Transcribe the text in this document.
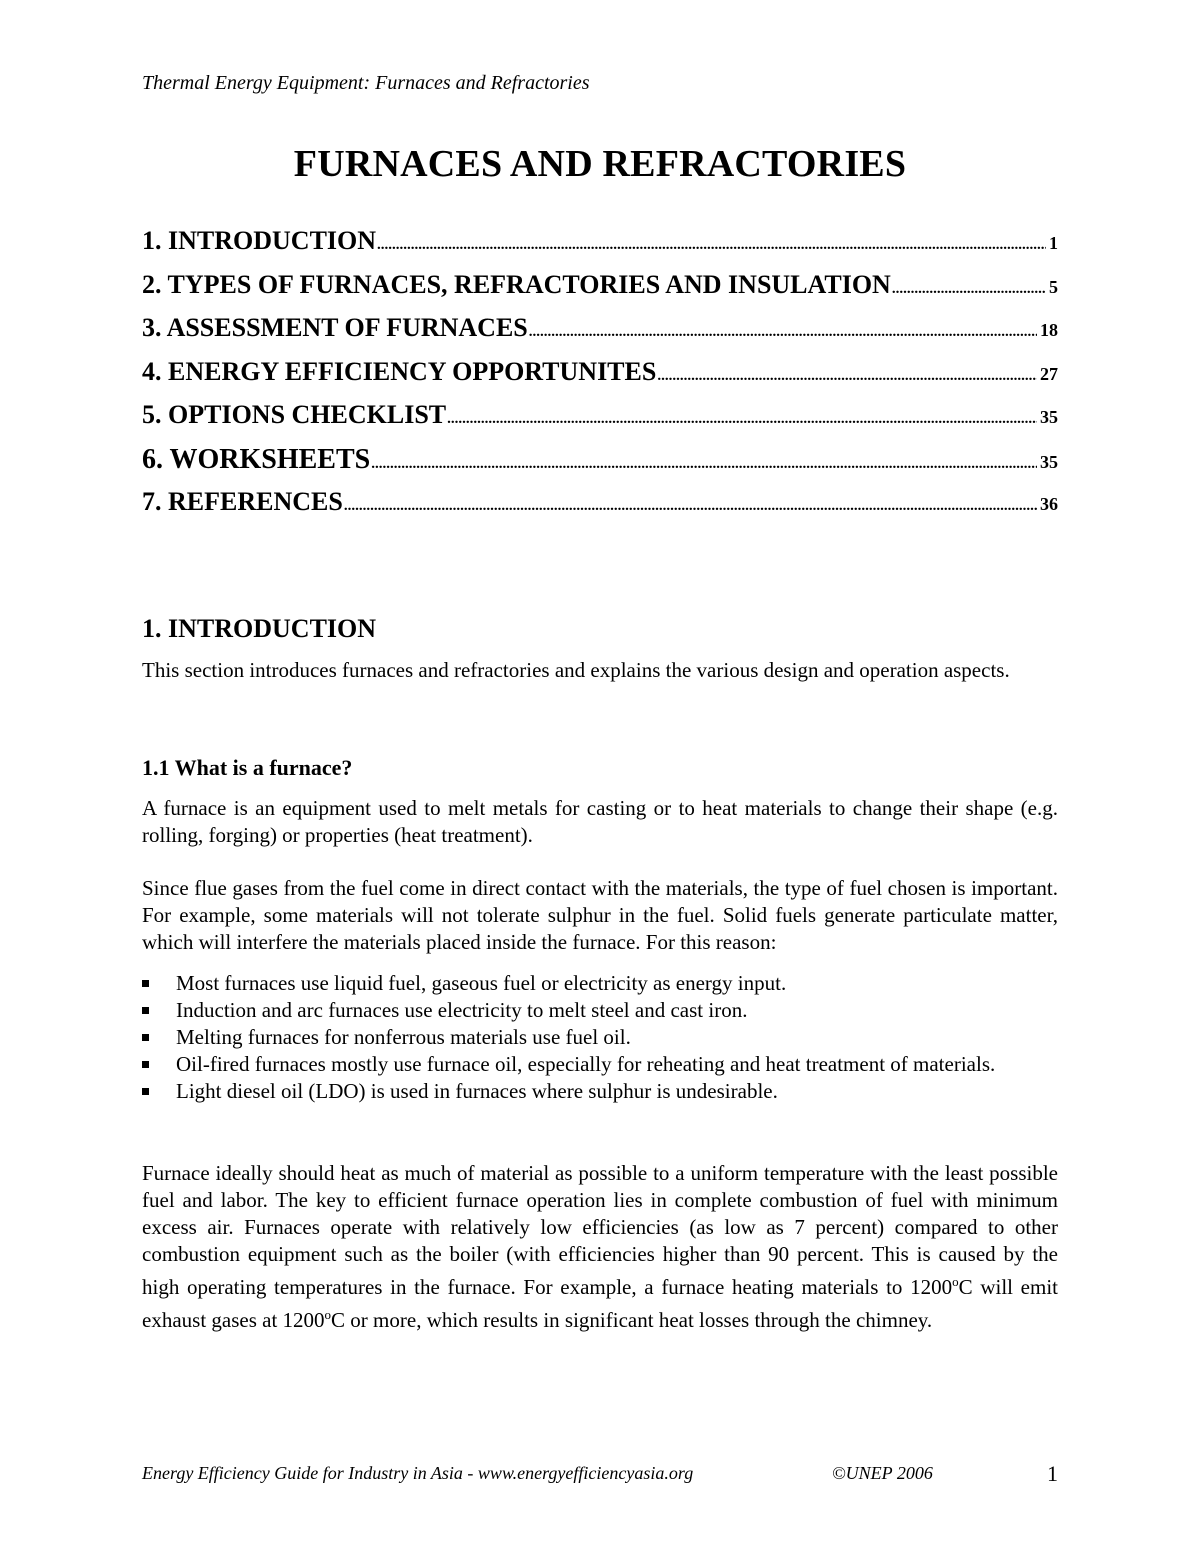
Thermal Energy Equipment: Furnaces and Refractories
FURNACES AND REFRACTORIES
1. INTRODUCTION .....	1
2. TYPES OF FURNACES, REFRACTORIES AND INSULATION .....	5
3. ASSESSMENT OF FURNACES .....	18
4. ENERGY EFFICIENCY OPPORTUNITES .....	27
5. OPTIONS CHECKLIST .....	35
6. WORKSHEETS .....	35
7. REFERENCES .....	36
1. INTRODUCTION

This section introduces furnaces and refractories and explains the various design and operation aspects.

1.1 What is a furnace?

A furnace is an equipment used to melt metals for casting or to heat materials to change their shape (e.g. rolling, forging) or properties (heat treatment).

Since flue gases from the fuel come in direct contact with the materials, the type of fuel chosen is important. For example, some materials will not tolerate sulphur in the fuel. Solid fuels generate particulate matter, which will interfere the materials placed inside the furnace. For this reason:

Most furnaces use liquid fuel, gaseous fuel or electricity as energy input.
Induction and arc furnaces use electricity to melt steel and cast iron.
Melting furnaces for nonferrous materials use fuel oil.
Oil-fired furnaces mostly use furnace oil, especially for reheating and heat treatment of materials.
Light diesel oil (LDO) is used in furnaces where sulphur is undesirable.

Furnace ideally should heat as much of material as possible to a uniform temperature with the least possible fuel and labor. The key to efficient furnace operation lies in complete combustion of fuel with minimum excess air. Furnaces operate with relatively low efficiencies (as low as 7 percent) compared to other combustion equipment such as the boiler (with efficiencies higher than 90 percent. This is caused by the high operating temperatures in the furnace. For example, a furnace heating materials to 1200$^o$C will emit exhaust gases at 1200$^o$C or more, which results in significant heat losses through the chimney.

Energy Efficiency Guide for Industry in Asia - www.energyefficiencyasia.org	©UNEP 2006	1
